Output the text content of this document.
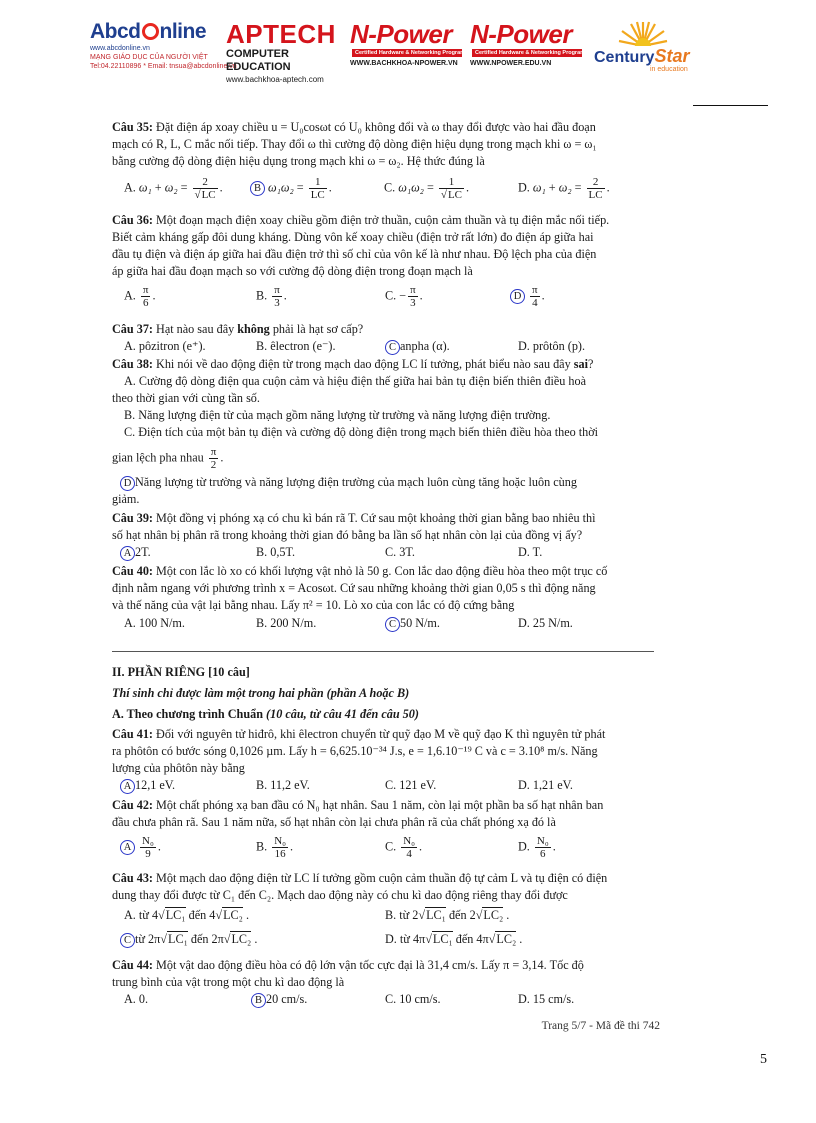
Abcd nline
www.abcdonline.vn
MẠNG GIÁO DỤC CỦA NGƯỜI VIỆT
Tel:04.22110896 * Email: tnsua@abcdonline.vn
APTECH
COMPUTER EDUCATION
www.bachkhoa-aptech.com
N-Power
Certified Hardware & Networking Programs
WWW.BACHKHOA-NPOWER.VN
N-Power
Certified Hardware & Networking Programs
WWW.NPOWER.EDU.VN	CenturyStar
in education
Câu 35: Đặt điện áp xoay chiều u = U₀cosωt có U₀ không đổi và ω thay đổi được vào hai đầu đoạn
mạch có R, L, C mắc nối tiếp. Thay đổi ω thì cường độ dòng điện hiệu dụng trong mạch khi ω = ω₁
bằng cường độ dòng điện hiệu dụng trong mạch khi ω = ω₂. Hệ thức đúng là
A. $\omega_1 + \omega_2 = \frac{2}{√LC}$ .	B $\omega_1\omega_2 = \frac{1}{LC}$ .	C. $\omega_1\omega_2 = \frac{1}{√LC}$ .	D. $\omega_1 + \omega_2 = \frac{2}{LC}$ .
Câu 36: Một đoạn mạch điện xoay chiều gồm điện trở thuần, cuộn cảm thuần và tụ điện mắc nối tiếp.
Biết cảm kháng gấp đôi dung kháng. Dùng vôn kế xoay chiều (điện trở rất lớn) đo điện áp giữa hai
đầu tụ điện và điện áp giữa hai đầu điện trở thì số chỉ của vôn kế là như nhau. Độ lệch pha của điện
áp giữa hai đầu đoạn mạch so với cường độ dòng điện trong đoạn mạch là
A. $\frac{\pi}{6}$ .	B. $\frac{\pi}{3}$ .	C. − $\frac{\pi}{3}$ .	D $\frac{\pi}{4}$ .
Câu 37: Hạt nào sau đây không phải là hạt sơ cấp?
A. pôzitron (e⁺).	B. êlectron (e⁻).	C anpha (α).	D. prôtôn (p).
Câu 38: Khi nói về dao động điện từ trong mạch dao động LC lí tưởng, phát biểu nào sau đây sai?
A. Cường độ dòng điện qua cuộn cảm và hiệu điện thế giữa hai bản tụ điện biến thiên điều hoà
theo thời gian với cùng tần số.
B. Năng lượng điện từ của mạch gồm năng lượng từ trường và năng lượng điện trường.
C. Điện tích của một bản tụ điện và cường độ dòng điện trong mạch biến thiên điều hòa theo thời
gian lệch pha nhau $\frac{\pi}{2}$ .
D Năng lượng từ trường và năng lượng điện trường của mạch luôn cùng tăng hoặc luôn cùng
giảm.
Câu 39: Một đồng vị phóng xạ có chu kì bán rã T. Cứ sau một khoảng thời gian bằng bao nhiêu thì
số hạt nhân bị phân rã trong khoảng thời gian đó bằng ba lần số hạt nhân còn lại của đồng vị ấy?
A 2T.	B. 0,5T.	C. 3T.	D. T.
Câu 40: Một con lắc lò xo có khối lượng vật nhỏ là 50 g. Con lắc dao động điều hòa theo một trục cố
định nằm ngang với phương trình x = Acosωt. Cứ sau những khoảng thời gian 0,05 s thì động năng
và thế năng của vật lại bằng nhau. Lấy π² = 10. Lò xo của con lắc có độ cứng bằng
A. 100 N/m.	B. 200 N/m.	C 50 N/m.	D. 25 N/m.
II. PHẦN RIÊNG [10 câu]
Thí sinh chỉ được làm một trong hai phần (phần A hoặc B)
A. Theo chương trình Chuẩn (10 câu, từ câu 41 đến câu 50)
Câu 41: Đối với nguyên tử hiđrô, khi êlectron chuyển từ quỹ đạo M về quỹ đạo K thì nguyên tử phát
ra phôtôn có bước sóng 0,1026 µm. Lấy h = 6,625.10⁻³⁴ J.s, e = 1,6.10⁻¹⁹ C và c = 3.10⁸ m/s. Năng
lượng của phôtôn này bằng
A 12,1 eV.	B. 11,2 eV.	C. 121 eV.	D. 1,21 eV.
Câu 42: Một chất phóng xạ ban đầu có N₀ hạt nhân. Sau 1 năm, còn lại một phần ba số hạt nhân ban
đầu chưa phân rã. Sau 1 năm nữa, số hạt nhân còn lại chưa phân rã của chất phóng xạ đó là
A $\frac{\text{N₀}}{9}$ .	B. $\frac{\text{N₀}}{16}$ .	C. $\frac{\text{N₀}}{4}$ .	D. $\frac{\text{N₀}}{6}$ .
Câu 43: Một mạch dao động điện từ LC lí tưởng gồm cuộn cảm thuần độ tự cảm L và tụ điện có điện
dung thay đổi được từ C₁ đến C₂. Mạch dao động này có chu kì dao động riêng thay đổi được
A. từ 4√LC₁ đến 4√LC₂ .	B. từ 2√LC₁ đến 2√LC₂ .
C từ 2π√LC₁ đến 2π√LC₂ .	D. từ 4π√LC₁ đến 4π√LC₂ .
Câu 44: Một vật dao động điều hòa có độ lớn vận tốc cực đại là 31,4 cm/s. Lấy π = 3,14. Tốc độ
trung bình của vật trong một chu kì dao động là
A. 0.	B 20 cm/s.	C. 10 cm/s.	D. 15 cm/s.
Trang 5/7 - Mã đề thi 742
5
